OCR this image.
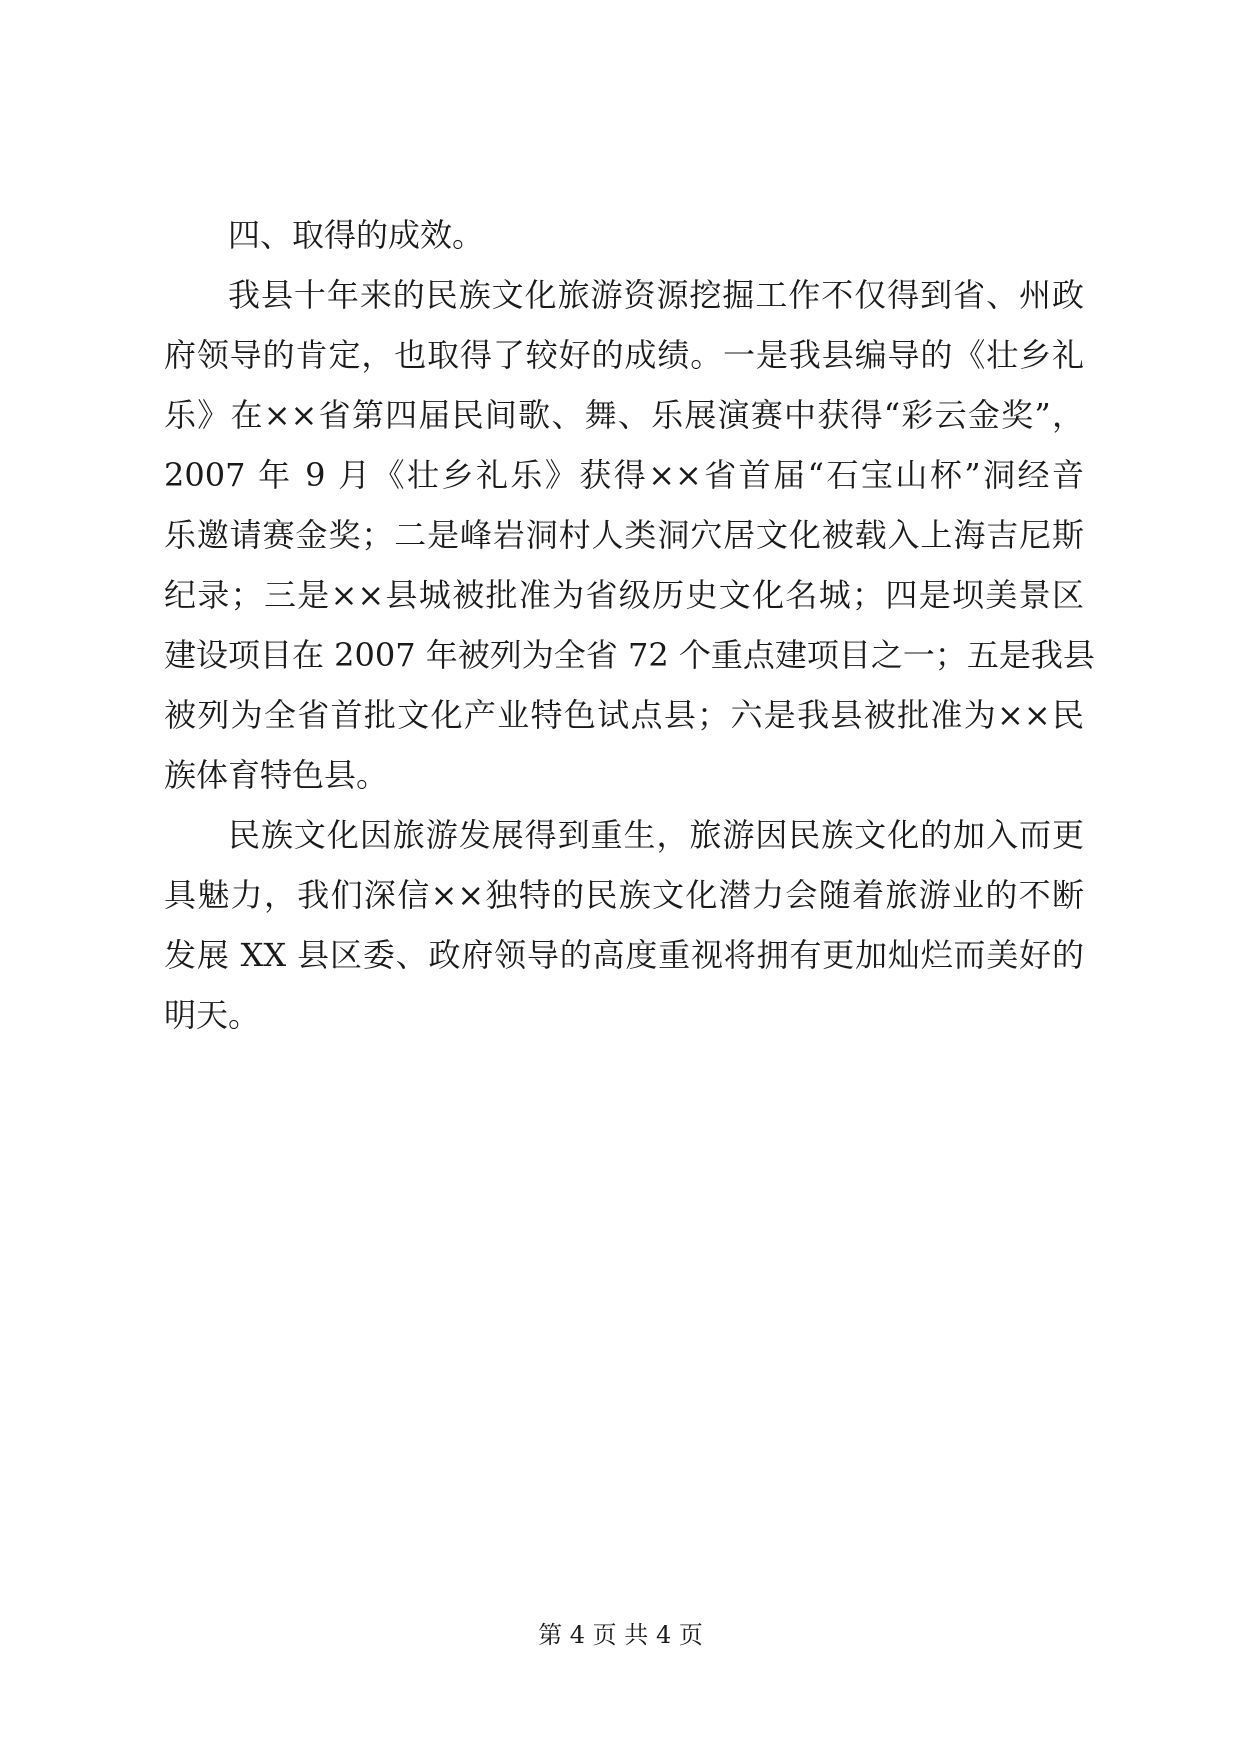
四、取得的成效。
我县十年来的民族文化旅游资源挖掘工作不仅得到省、州政
府领导的肯定，也取得了较好的成绩。一是我县编导的《壮乡礼
乐》在××省第四届民间歌、舞、乐展演赛中获得“彩云金奖”，
2007 年 9 月《壮乡礼乐》获得××省首届“石宝山杯”洞经音
乐邀请赛金奖；二是峰岩洞村人类洞穴居文化被载入上海吉尼斯
纪录；三是××县城被批准为省级历史文化名城；四是坝美景区
建设项目在 2007 年被列为全省 72 个重点建项目之一；五是我县
被列为全省首批文化产业特色试点县；六是我县被批准为××民
族体育特色县。
民族文化因旅游发展得到重生，旅游因民族文化的加入而更
具魅力，我们深信××独特的民族文化潜力会随着旅游业的不断
发展 XX 县区委、政府领导的高度重视将拥有更加灿烂而美好的
明天。
第 4 页 共 4 页
